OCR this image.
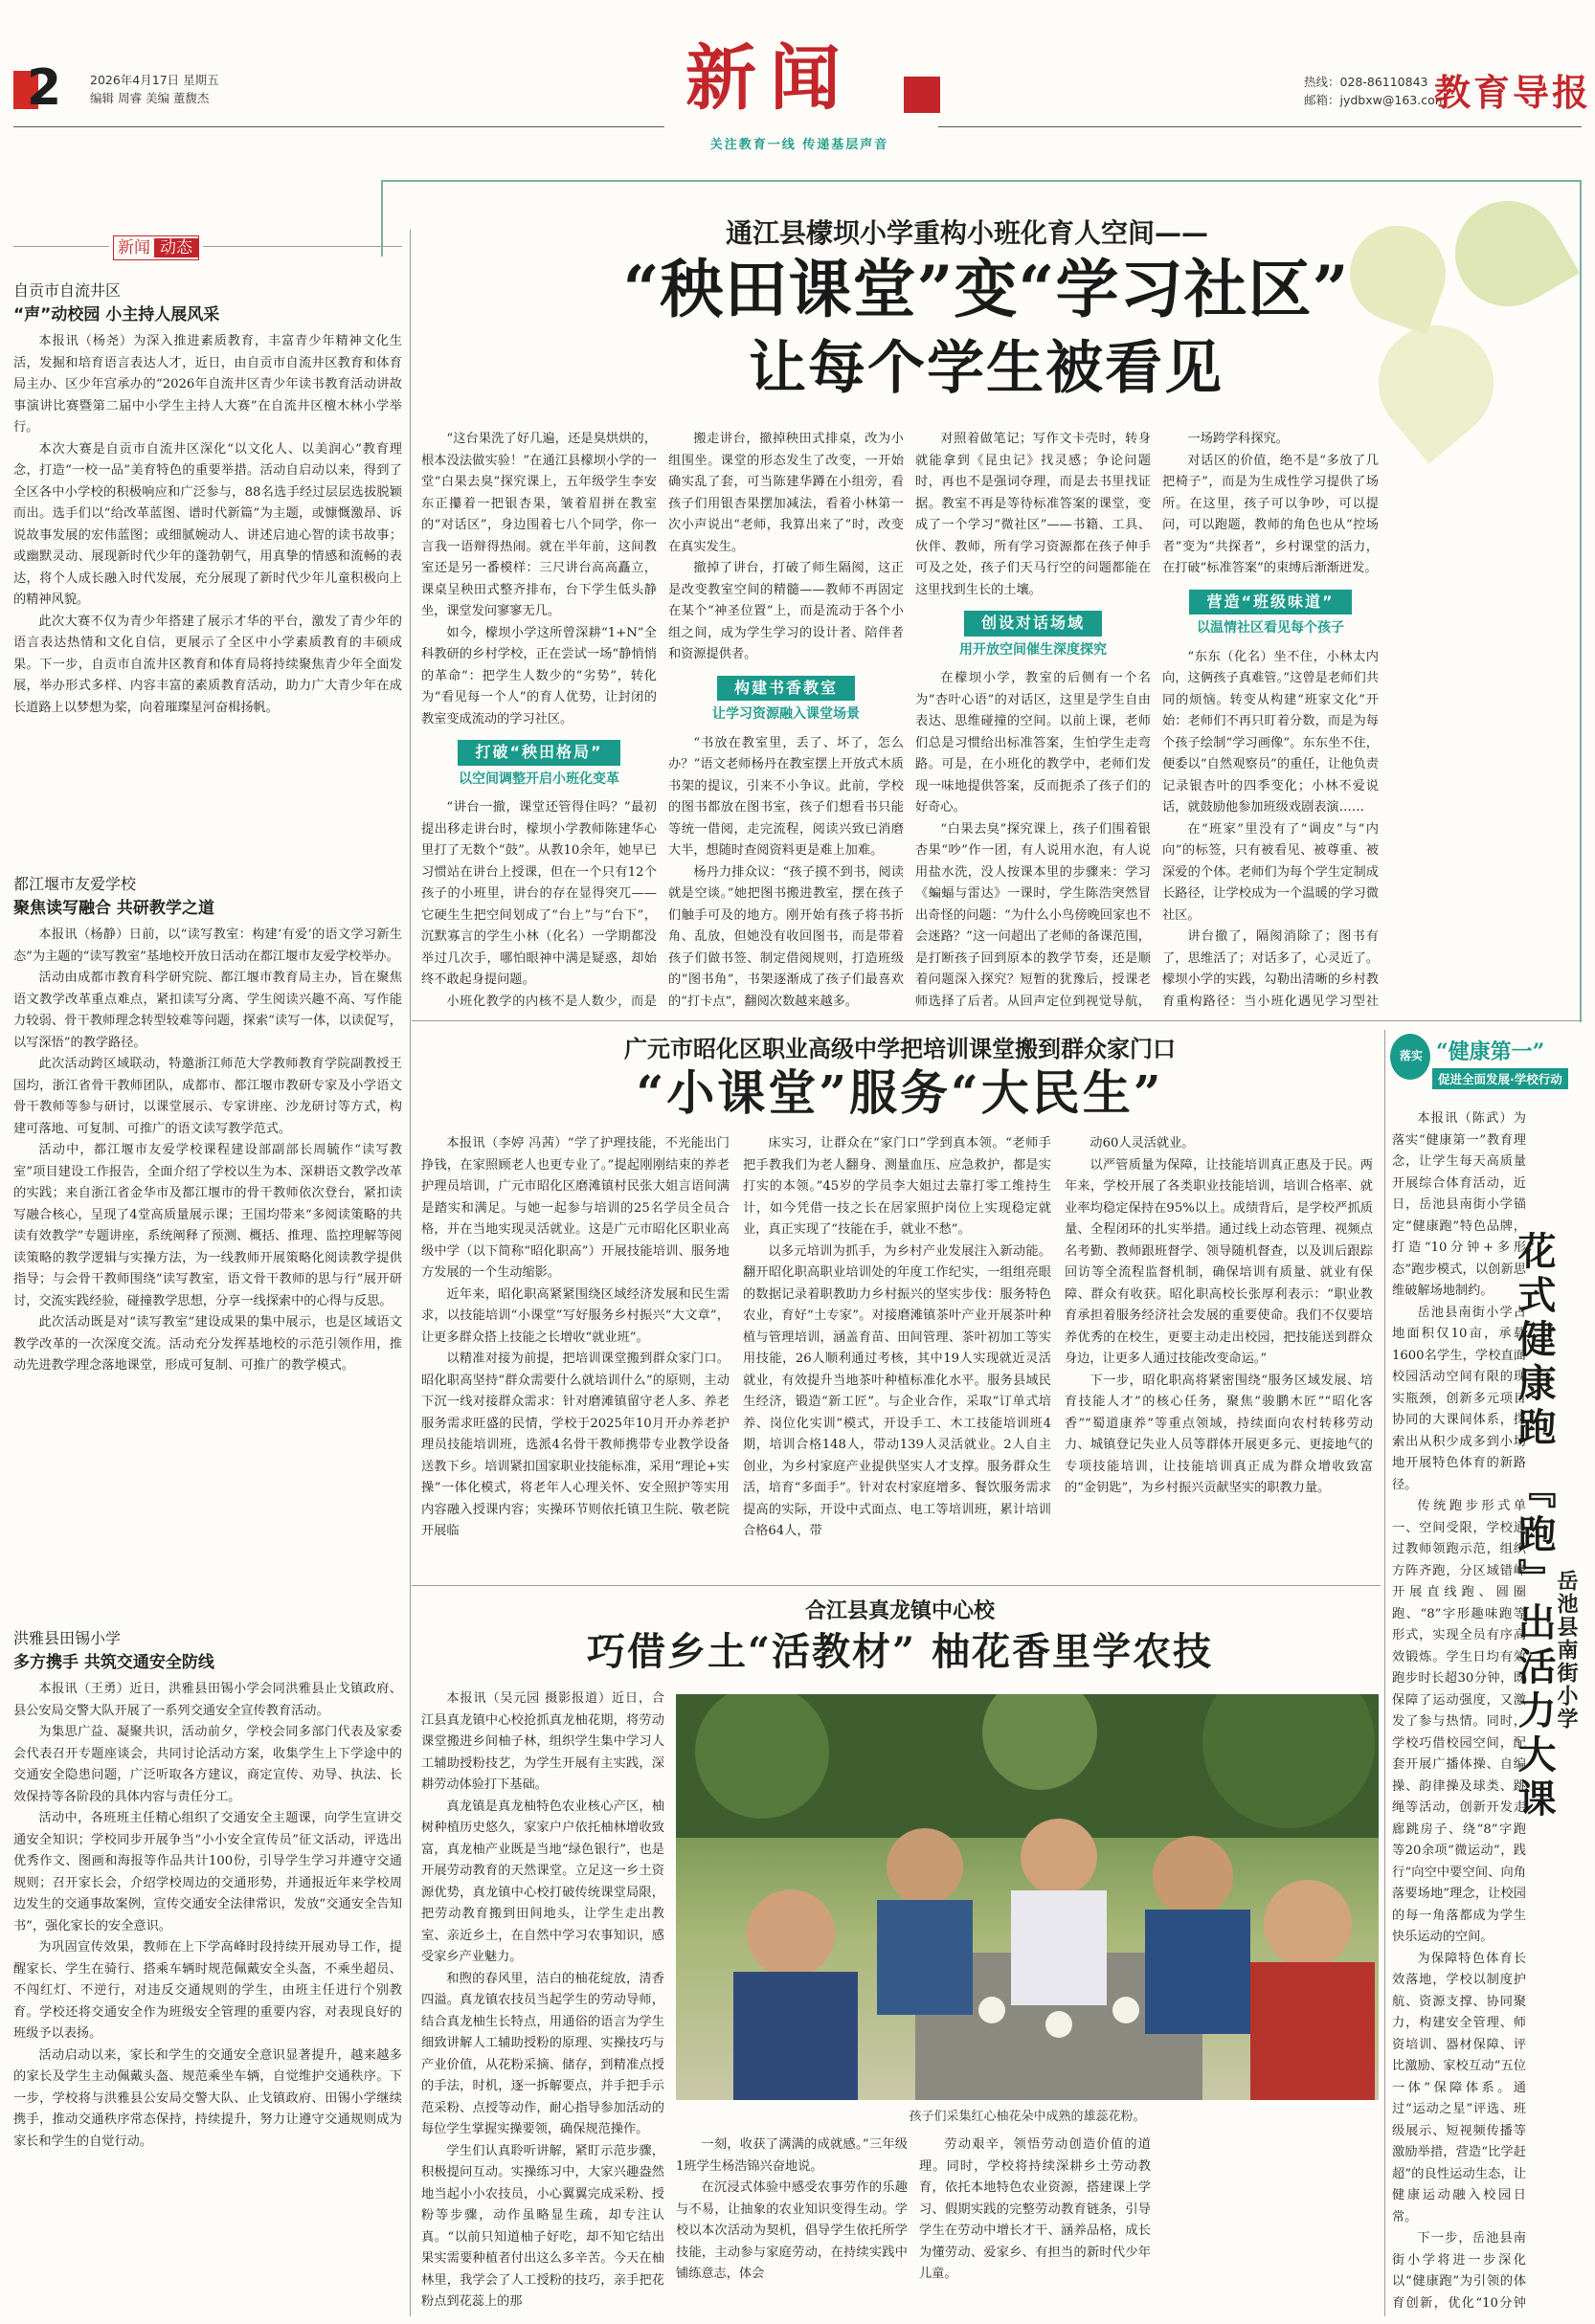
2 2026年4月17日 星期五
编辑 周睿 美编 董馥杰	新闻
关注教育一线 传递基层声音
热线：028-86110843
邮箱：jydbxw@163.com
教育导报
新闻 动态
自贡市自流井区
“声”动校园 小主持人展风采

本报讯（杨尧）为深入推进素质教育，丰富青少年精神文化生活，发掘和培育语言表达人才，近日，由自贡市自流井区教育和体育局主办、区少年宫承办的“2026年自流井区青少年读书教育活动讲故事演讲比赛暨第二届中小学生主持人大赛”在自流井区檀木林小学举行。

本次大赛是自贡市自流井区深化“以文化人、以美润心”教育理念，打造“一校一品”美育特色的重要举措。活动自启动以来，得到了全区各中小学校的积极响应和广泛参与，88名选手经过层层选拔脱颖而出。选手们以“给改革蓝图、谱时代新篇”为主题，或慷慨激昂、诉说故事发展的宏伟蓝图；或细腻婉动人、讲述启迪心智的读书故事；或幽默灵动、展现新时代少年的蓬勃朝气，用真挚的情感和流畅的表达，将个人成长融入时代发展，充分展现了新时代少年儿童积极向上的精神风貌。

此次大赛不仅为青少年搭建了展示才华的平台，激发了青少年的语言表达热情和文化自信，更展示了全区中小学素质教育的丰硕成果。下一步，自贡市自流井区教育和体育局将持续聚焦青少年全面发展，举办形式多样、内容丰富的素质教育活动，助力广大青少年在成长道路上以梦想为桨，向着璀璨星河奋楫扬帆。

都江堰市友爱学校
聚焦读写融合 共研教学之道

本报讯（杨静）日前，以“读写教室：构建‘有爱’的语文学习新生态”为主题的“读写教室”基地校开放日活动在都江堰市友爱学校举办。

活动由成都市教育科学研究院、都江堰市教育局主办，旨在聚焦语文教学改革重点难点，紧扣读写分离、学生阅读兴趣不高、写作能力较弱、骨干教师理念转型较难等问题，探索“读写一体，以读促写，以写深悟”的教学路径。

此次活动跨区域联动，特邀浙江师范大学教师教育学院副教授王国均，浙江省骨干教师团队，成都市、都江堰市教研专家及小学语文骨干教师等参与研讨，以课堂展示、专家讲座、沙龙研讨等方式，构建可落地、可复制、可推广的语文读写教学范式。

活动中，都江堰市友爱学校课程建设部副部长周毓作“读写教室”项目建设工作报告，全面介绍了学校以生为本、深耕语文教学改革的实践；来自浙江省金华市及都江堰市的骨干教师依次登台，紧扣读写融合核心，呈现了4堂高质量展示课；王国均带来“多阅读策略的共读有效教学”专题讲座，系统阐释了预测、概括、推理、监控理解等阅读策略的教学逻辑与实操方法，为一线教师开展策略化阅读教学提供指导；与会骨干教师围绕“读写教室，语文骨干教师的思与行”展开研讨，交流实践经验，碰撞教学思想，分享一线探索中的心得与反思。

此次活动既是对“读写教室”建设成果的集中展示，也是区域语文教学改革的一次深度交流。活动充分发挥基地校的示范引领作用，推动先进教学理念落地课堂，形成可复制、可推广的教学模式。

洪雅县田锡小学
多方携手 共筑交通安全防线

本报讯（王勇）近日，洪雅县田锡小学会同洪雅县止戈镇政府、县公安局交警大队开展了一系列交通安全宣传教育活动。

为集思广益、凝聚共识，活动前夕，学校会同多部门代表及家委会代表召开专题座谈会，共同讨论活动方案，收集学生上下学途中的交通安全隐患问题，广泛听取各方建议，商定宣传、劝导、执法、长效保持等各阶段的具体内容与责任分工。

活动中，各班班主任精心组织了交通安全主题课，向学生宣讲交通安全知识；学校同步开展争当“小小安全宣传员”征文活动，评选出优秀作文、图画和海报等作品共计100份，引导学生学习并遵守交通规则；召开家长会，介绍学校周边的交通形势，并通报近年来学校周边发生的交通事故案例，宣传交通安全法律常识，发放“交通安全告知书”，强化家长的安全意识。

为巩固宣传效果，教师在上下学高峰时段持续开展劝导工作，提醒家长、学生在骑行、搭乘车辆时规范佩戴安全头盔，不乘坐超员、不闯红灯、不逆行，对违反交通规则的学生，由班主任进行个别教育。学校还将交通安全作为班级安全管理的重要内容，对表现良好的班级予以表扬。

活动启动以来，家长和学生的交通安全意识显著提升，越来越多的家长及学生主动佩戴头盔、规范乘坐车辆，自觉维护交通秩序。下一步，学校将与洪雅县公安局交警大队、止戈镇政府、田锡小学继续携手，推动交通秩序常态保持，持续提升，努力让遵守交通规则成为家长和学生的自觉行动。

通江县檬坝小学重构小班化育人空间——
“秧田课堂”变“学习社区”
让每个学生被看见

“这台果洗了好几遍，还是臭烘烘的，根本没法做实验！”在通江县檬坝小学的一堂“白果去臭”探究课上，五年级学生李安东正攥着一把银杏果，皱着眉拼在教室的“对话区”，身边围着七八个同学，你一言我一语辩得热闹。就在半年前，这间教室还是另一番模样：三尺讲台高高矗立，课桌呈秧田式整齐排布，台下学生低头静坐，课堂发问寥寥无几。

如今，檬坝小学这所曾深耕“1+N”全科教研的乡村学校，正在尝试一场“静悄悄的革命”：把学生人数少的“劣势”，转化为“看见每一个人”的育人优势，让封闭的教室变成流动的学习社区。

打破“秧田格局”
以空间调整开启小班化变革

“讲台一撤，课堂还管得住吗？”最初提出移走讲台时，檬坝小学教师陈建华心里打了无数个“鼓”。从教10余年，她早已习惯站在讲台上授课，但在一个只有12个孩子的小班里，讲台的存在显得突兀——它硬生生把空间划成了“台上”与“台下”，沉默寡言的学生小林（化名）一学期都没举过几次手，哪怕眼神中满是疑惑，却始终不敢起身提问题。

小班化教学的内核不是人数少，而是

搬走讲台，撤掉秧田式排桌，改为小组围坐。课堂的形态发生了改变，一开始确实乱了套，可当陈建华蹲在小组旁，看孩子们用银杏果摆加减法，看着小林第一次小声说出“老师，我算出来了”时，改变在真实发生。

撤掉了讲台，打破了师生隔阂，这正是改变教室空间的精髓——教师不再固定在某个“神圣位置”上，而是流动于各个小组之间，成为学生学习的设计者、陪伴者和资源提供者。

构建书香教室
让学习资源融入课堂场景

“书放在教室里，丢了、坏了，怎么办？”语文老师杨丹在教室摆上开放式木质书架的提议，引来不小争议。此前，学校的图书都放在图书室，孩子们想看书只能等统一借阅，走完流程，阅读兴致已消磨大半，想随时查阅资料更是难上加难。

杨丹力排众议：“孩子摸不到书，阅读就是空谈。”她把图书搬进教室，摆在孩子们触手可及的地方。刚开始有孩子将书折角、乱放，但她没有收回图书，而是带着孩子们做书签、制定借阅规则，打造班级的“图书角”，书架逐渐成了孩子们最喜欢的“打卡点”，翻阅次数越来越多。

对照着做笔记；写作文卡壳时，转身就能拿到《昆虫记》找灵感；争论问题时，再也不是强词夺理，而是去书里找证据。教室不再是等待标准答案的课堂，变成了一个学习“微社区”——书籍、工具、伙伴、教师，所有学习资源都在孩子伸手可及之处，孩子们天马行空的问题都能在这里找到生长的土壤。

创设对话场域
用开放空间催生深度探究

在檬坝小学，教室的后侧有一个名为“杏叶心语”的对话区，这里是学生自由表达、思维碰撞的空间。以前上课，老师们总是习惯给出标准答案，生怕学生走弯路。可是，在小班化的教学中，老师们发现一味地提供答案，反而扼杀了孩子们的好奇心。

“白果去臭”探究课上，孩子们围着银杏果“吵”作一团，有人说用水泡，有人说用盐水洗，没人按课本里的步骤来：学习《蝙蝠与雷达》一课时，学生陈浩突然冒出奇怪的问题：“为什么小鸟傍晚回家也不会迷路？”这一问超出了老师的备课范围，是打断孩子回到原本的教学节奏，还是顺着问题深入探究？短暂的犹豫后，授课老师选择了后者。从回声定位到视觉导航，

一场跨学科探究。

对话区的价值，绝不是“多放了几把椅子”，而是为生成性学习提供了场所。在这里，孩子可以争吵，可以提问，可以跑题，教师的角色也从“控场者”变为“共探者”，乡村课堂的活力，在打破“标准答案”的束缚后渐渐迸发。

营造“班级味道”
以温情社区看见每个孩子

“东东（化名）坐不住，小林太内向，这俩孩子真难管。”这曾是老师们共同的烦恼。转变从构建“班家文化”开始：老师们不再只盯着分数，而是为每个孩子绘制“学习画像”。东东坐不住，便委以“自然观察员”的重任，让他负责记录银杏叶的四季变化；小林不爱说话，就鼓励他参加班级戏剧表演……

在“班家”里没有了“调皮”与“内向”的标签，只有被看见、被尊重、被深爱的个体。老师们为每个学生定制成长路径，让学校成为一个温暖的学习微社区。

讲台撤了，隔阂消除了；图书有了，思维活了；对话多了，心灵近了。檬坝小学的实践，勾勒出清晰的乡村教育重构路径：当小班化遇见学习型社

广元市昭化区职业高级中学把培训课堂搬到群众家门口
“小课堂”服务“大民生”

本报讯（李婷 冯茜）“学了护理技能，不光能出门挣钱，在家照顾老人也更专业了。”提起刚刚结束的养老护理员培训，广元市昭化区磨滩镇村民张大姐言语间满是踏实和满足。与她一起参与培训的25名学员全员合格，并在当地实现灵活就业。这是广元市昭化区职业高级中学（以下简称“昭化职高”）开展技能培训、服务地方发展的一个生动缩影。

近年来，昭化职高紧紧围绕区域经济发展和民生需求，以技能培训“小课堂”写好服务乡村振兴“大文章”，让更多群众搭上技能之长增收“就业班”。

以精准对接为前提，把培训课堂搬到群众家门口。昭化职高坚持“群众需要什么就培训什么”的原则，主动下沉一线对接群众需求：针对磨滩镇留守老人多、养老服务需求旺盛的民情，学校于2025年10月开办养老护理员技能培训班，选派4名骨干教师携带专业教学设备送教下乡。培训紧扣国家职业技能标准，采用“理论+实操”一体化模式，将老年人心理关怀、安全照护等实用内容融入授课内容；实操环节则依托镇卫生院、敬老院开展临

床实习，让群众在“家门口”学到真本领。“老师手把手教我们为老人翻身、测量血压、应急救护，都是实打实的本领。”45岁的学员李大姐过去靠打零工维持生计，如今凭借一技之长在居家照护岗位上实现稳定就业，真正实现了“技能在手，就业不愁”。

以多元培训为抓手，为乡村产业发展注入新动能。翻开昭化职高职业培训处的年度工作纪实，一组组亮眼的数据记录着职教助力乡村振兴的坚实步伐：服务特色农业，育好“土专家”。对接磨滩镇茶叶产业开展茶叶种植与管理培训，涵盖育苗、田间管理、茶叶初加工等实用技能，26人顺利通过考核，其中19人实现就近灵活就业，有效提升当地茶叶种植标准化水平。服务县域民生经济，锻造“新工匠”。与企业合作，采取“订单式培养、岗位化实训”模式，开设手工、木工技能培训班4期，培训合格148人，带动139人灵活就业。2人自主创业，为乡村家庭产业提供坚实人才支撑。服务群众生活，培育“多面手”。针对农村家庭增多、餐饮服务需求提高的实际，开设中式面点、电工等培训班，累计培训合格64人，带

动60人灵活就业。

以严管质量为保障，让技能培训真正惠及于民。两年来，学校开展了各类职业技能培训，培训合格率、就业率均稳定保持在95%以上。成绩背后，是学校严抓质量、全程闭环的扎实举措。通过线上动态管理、视频点名考勤、教师跟班督学、领导随机督查，以及训后跟踪回访等全流程监督机制，确保培训有质量、就业有保障、群众有收获。昭化职高校长张厚利表示：“职业教育承担着服务经济社会发展的重要使命。我们不仅要培养优秀的在校生，更要主动走出校园，把技能送到群众身边，让更多人通过技能改变命运。”

下一步，昭化职高将紧密围绕“服务区域发展、培育技能人才”的核心任务，聚焦“骏鹏木匠”“昭化客香”“蜀道康养”等重点领域，持续面向农村转移劳动力、城镇登记失业人员等群体开展更多元、更接地气的专项技能培训，让技能培训真正成为群众增收致富的“金钥匙”，为乡村振兴贡献坚实的职教力量。

合江县真龙镇中心校
巧借乡土“活教材” 柚花香里学农技

本报讯（吴元园 摄影报道）近日，合江县真龙镇中心校抢抓真龙柚花期，将劳动课堂搬进乡间柚子林，组织学生集中学习人工辅助授粉技艺，为学生开展有主实践，深耕劳动体验打下基础。

真龙镇是真龙柚特色农业核心产区，柚树种植历史悠久，家家户户依托柚林增收致富，真龙柚产业既是当地“绿色银行”，也是开展劳动教育的天然课堂。立足这一乡土资源优势，真龙镇中心校打破传统课堂局限，把劳动教育搬到田间地头，让学生走出教室、亲近乡土，在自然中学习农事知识，感受家乡产业魅力。

和煦的春风里，洁白的柚花绽放，清香四溢。真龙镇农技员当起学生的劳动导师，结合真龙柚生长特点，用通俗的语言为学生细致讲解人工辅助授粉的原理、实操技巧与产业价值，从花粉采摘、储存，到精准点授的手法，时机，逐一拆解要点，并手把手示范采粉、点授等动作，耐心指导参加活动的每位学生掌握实操要领，确保规范操作。

学生们认真聆听讲解，紧盯示范步骤，积极提问互动。实操练习中，大家兴趣盎然地当起小小农技员，小心翼翼完成采粉、授粉等步骤，动作虽略显生疏，却专注认真。“以前只知道柚子好吃，却不知它结出果实需要种植者付出这么多辛苦。今天在柚林里，我学会了人工授粉的技巧，亲手把花粉点到花蕊上的那

孩子们采集红心柚花朵中成熟的雄蕊花粉。

一刻，收获了满满的成就感。”三年级1班学生杨浩锦兴奋地说。

在沉浸式体验中感受农事劳作的乐趣与不易，让抽象的农业知识变得生动。学校以本次活动为契机，倡导学生依托所学技能，主动参与家庭劳动，在持续实践中铺练意志，体会

劳动艰辛，领悟劳动创造价值的道理。同时，学校将持续深耕乡土劳动教育，依托本地特色农业资源，搭建课上学习、假期实践的完整劳动教育链条，引导学生在劳动中增长才干、涵养品格，成长为懂劳动、爱家乡、有担当的新时代少年儿童。

落实 “健康第一”
促进全面发展·学校行动

本报讯（陈武）为落实“健康第一”教育理念，让学生每天高质量开展综合体育活动，近日，岳池县南街小学锚定“健康跑”特色品牌，打造“10分钟+多形态”跑步模式，以创新思维破解场地制约。

岳池县南街小学占地面积仅10亩，承载1600名学生，学校直面校园活动空间有限的现实瓶颈，创新多元项目协同的大课间体系，探索出从积少成多到小场地开展特色体育的新路径。

传统跑步形式单一、空间受限，学校通过教师领跑示范，组织方阵齐跑，分区域错峰开展直线跑、圆圈跑、“8”字形趣味跑等形式，实现全员有序高效锻炼。学生日均有效跑步时长超30分钟，既保障了运动强度，又激发了参与热情。同时，学校巧借校园空间，配套开展广播体操、自编操、韵律操及球类、跳绳等活动，创新开发走廊跳房子、绕“8”字跑等20余项“微运动”，践行“向空中要空间、向角落要场地”理念，让校园的每一角落都成为学生快乐运动的空间。

为保障特色体育长效落地，学校以制度护航、资源支撑、协同聚力，构建安全管理、师资培训、器材保障、评比激励、家校互动“五位一体”保障体系。通过“运动之星”评选、班级展示、短视频传播等激励举措，营造“比学赶超”的良性运动生态，让健康运动融入校园日常。

下一步，岳池县南街小学将进一步深化以“健康跑”为引领的体育创新，优化“10分钟

花式健康跑 『跑』出活力大课
岳池县南街小学
